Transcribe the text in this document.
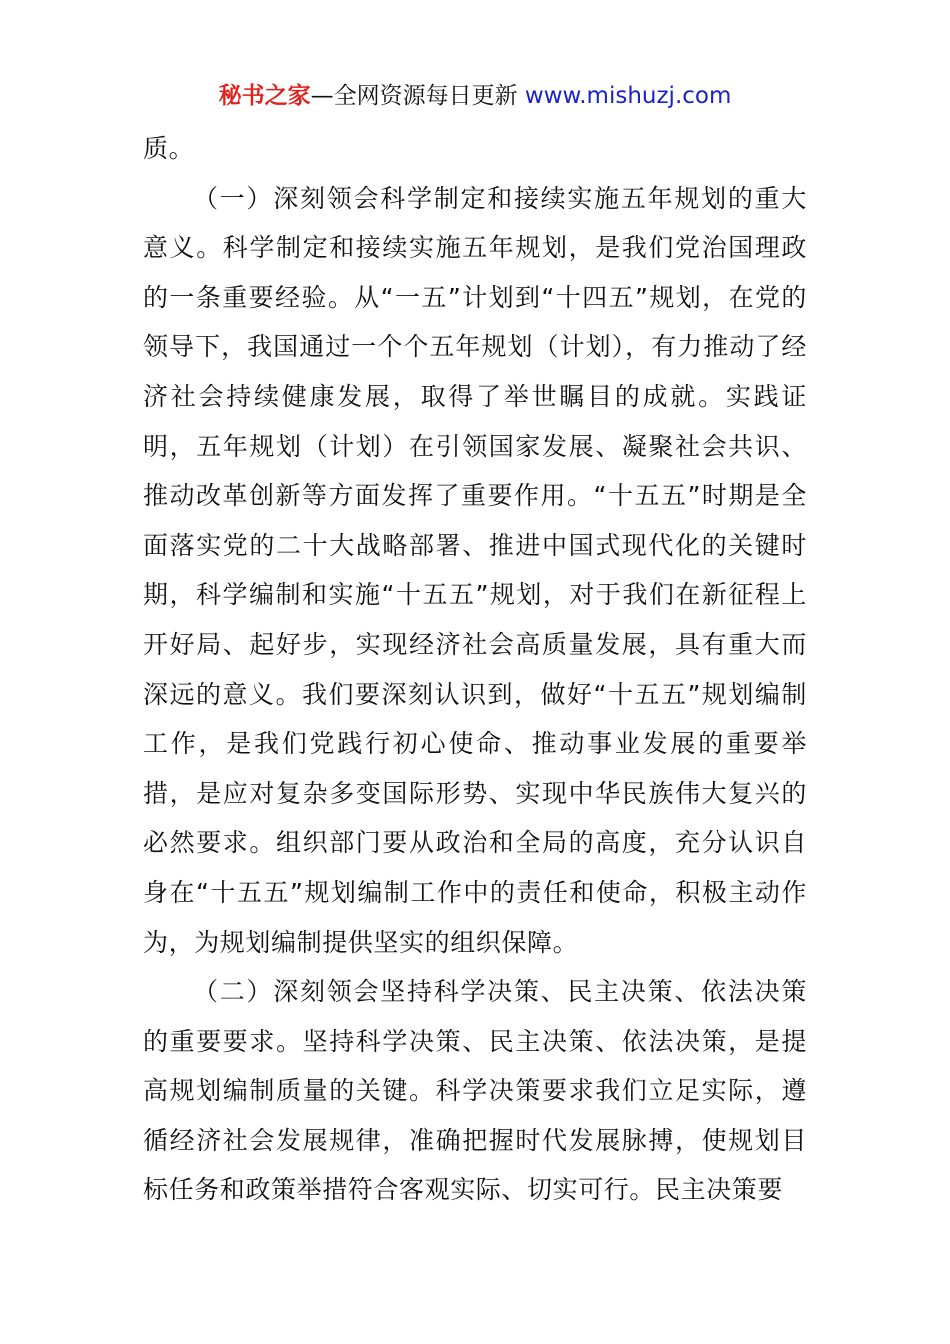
秘书之家—全网资源每日更新 www.mishuzj.com

质。

（一）深刻领会科学制定和接续实施五年规划的重大意义。科学制定和接续实施五年规划，是我们党治国理政的一条重要经验。从“一五”计划到“十四五”规划，在党的领导下，我国通过一个个五年规划（计划），有力推动了经济社会持续健康发展，取得了举世瞩目的成就。实践证明，五年规划（计划）在引领国家发展、凝聚社会共识、推动改革创新等方面发挥了重要作用。“十五五”时期是全面落实党的二十大战略部署、推进中国式现代化的关键时期，科学编制和实施“十五五”规划，对于我们在新征程上开好局、起好步，实现经济社会高质量发展，具有重大而深远的意义。我们要深刻认识到，做好“十五五”规划编制工作，是我们党践行初心使命、推动事业发展的重要举措，是应对复杂多变国际形势、实现中华民族伟大复兴的必然要求。组织部门要从政治和全局的高度，充分认识自身在“十五五”规划编制工作中的责任和使命，积极主动作为，为规划编制提供坚实的组织保障。

（二）深刻领会坚持科学决策、民主决策、依法决策的重要要求。坚持科学决策、民主决策、依法决策，是提高规划编制质量的关键。科学决策要求我们立足实际，遵循经济社会发展规律，准确把握时代发展脉搏，使规划目标任务和政策举措符合客观实际、切实可行。民主决策要
